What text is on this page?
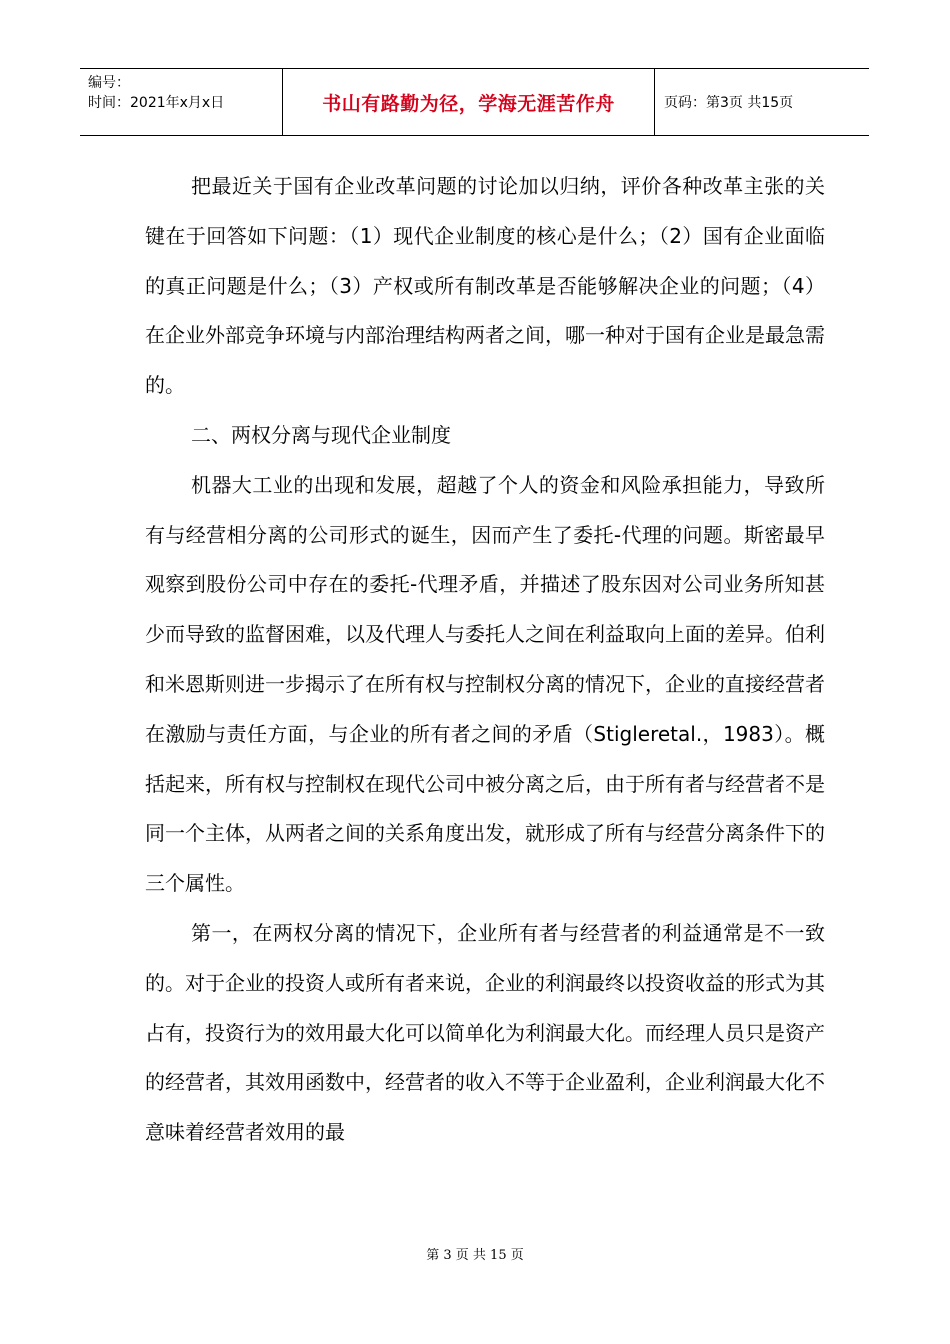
编号：
时间：2021年x月x日	书山有路勤为径，学海无涯苦作舟	页码：第3页 共15页

把最近关于国有企业改革问题的讨论加以归纳，评价各种改革主张的关键在于回答如下问题：（1）现代企业制度的核心是什么；（2）国有企业面临的真正问题是什么；（3）产权或所有制改革是否能够解决企业的问题；（4）在企业外部竞争环境与内部治理结构两者之间，哪一种对于国有企业是最急需的。

二、两权分离与现代企业制度

机器大工业的出现和发展，超越了个人的资金和风险承担能力，导致所有与经营相分离的公司形式的诞生，因而产生了委托-代理的问题。斯密最早观察到股份公司中存在的委托-代理矛盾，并描述了股东因对公司业务所知甚少而导致的监督困难，以及代理人与委托人之间在利益取向上面的差异。伯利和米恩斯则进一步揭示了在所有权与控制权分离的情况下，企业的直接经营者在激励与责任方面，与企业的所有者之间的矛盾（Stigleretal.，1983）。概括起来，所有权与控制权在现代公司中被分离之后，由于所有者与经营者不是同一个主体，从两者之间的关系角度出发，就形成了所有与经营分离条件下的三个属性。

第一，在两权分离的情况下，企业所有者与经营者的利益通常是不一致的。对于企业的投资人或所有者来说，企业的利润最终以投资收益的形式为其占有，投资行为的效用最大化可以简单化为利润最大化。而经理人员只是资产的经营者，其效用函数中，经营者的收入不等于企业盈利，企业利润最大化不意味着经营者效用的最

第 3 页 共 15 页
